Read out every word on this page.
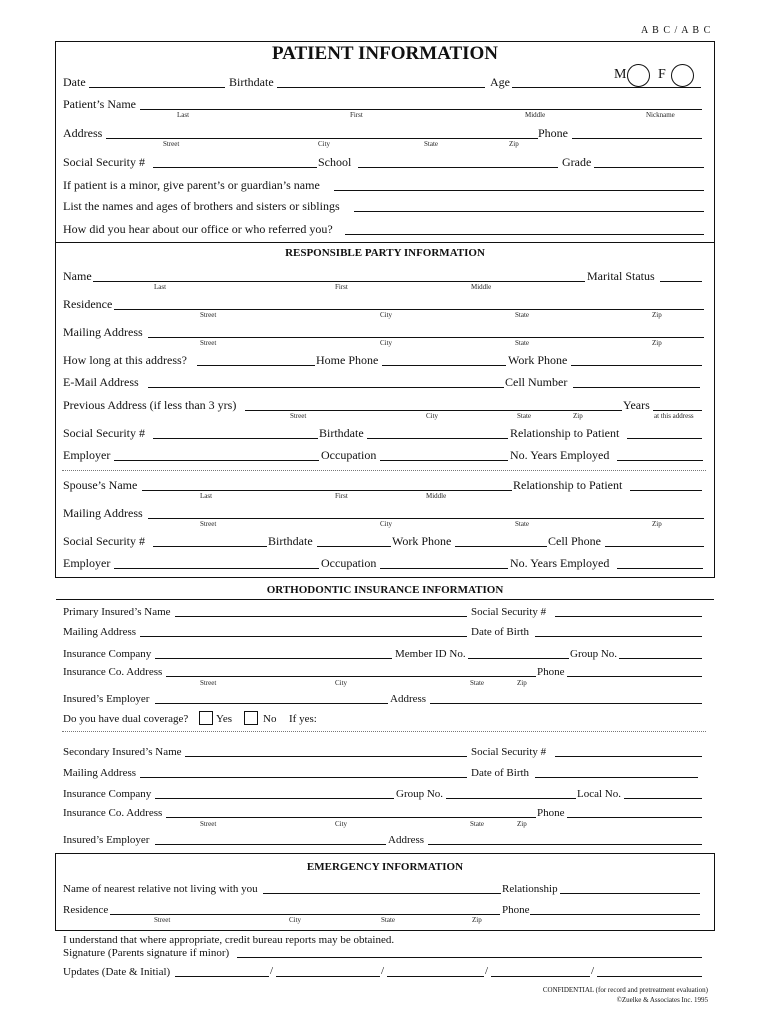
A B C / A B C
PATIENT INFORMATION
Date	Birthdate	Age	M F
Patient’s Name
Last	First	Middle	Nickname
Address	Phone
Street	City	State	Zip
Social Security #	School	Grade
If patient is a minor, give parent’s or guardian’s name
List the names and ages of brothers and sisters or siblings
How did you hear about our office or who referred you?
RESPONSIBLE PARTY INFORMATION
Name	Marital Status
Last	First	Middle
Residence
Street	City	State	Zip
Mailing Address
Street	City	State	Zip
How long at this address?	Home Phone	Work Phone
E-Mail Address	Cell Number
Previous Address (if less than 3 yrs)	Years
Street	City	State	Zip	at this address
Social Security #	Birthdate	Relationship to Patient
Employer	Occupation	No. Years Employed
Spouse’s Name	Relationship to Patient
Last	First	Middle
Mailing Address
Street	City	State	Zip
Social Security #	Birthdate	Work Phone	Cell Phone
Employer	Occupation	No. Years Employed
ORTHODONTIC INSURANCE INFORMATION
Primary Insured’s Name	Social Security #
Mailing Address	Date of Birth
Insurance Company	Member ID No.	Group No.
Insurance Co. Address	Phone
Street	City	State	Zip
Insured’s Employer	Address
Do you have dual coverage?	Yes	No If yes:
Secondary Insured’s Name	Social Security #
Mailing Address	Date of Birth
Insurance Company	Group No.	Local No.
Insurance Co. Address	Phone
Street	City	State	Zip
Insured’s Employer	Address
EMERGENCY INFORMATION
Name of nearest relative not living with you	Relationship
Residence	Phone
Street	City	State	Zip
I understand that where appropriate, credit bureau reports may be obtained.
Signature (Parents signature if minor)
Updates (Date & Initial)	/	/	/	/
CONFIDENTIAL (for record and pretreatment evaluation)
©Zuelke & Associates Inc. 1995
